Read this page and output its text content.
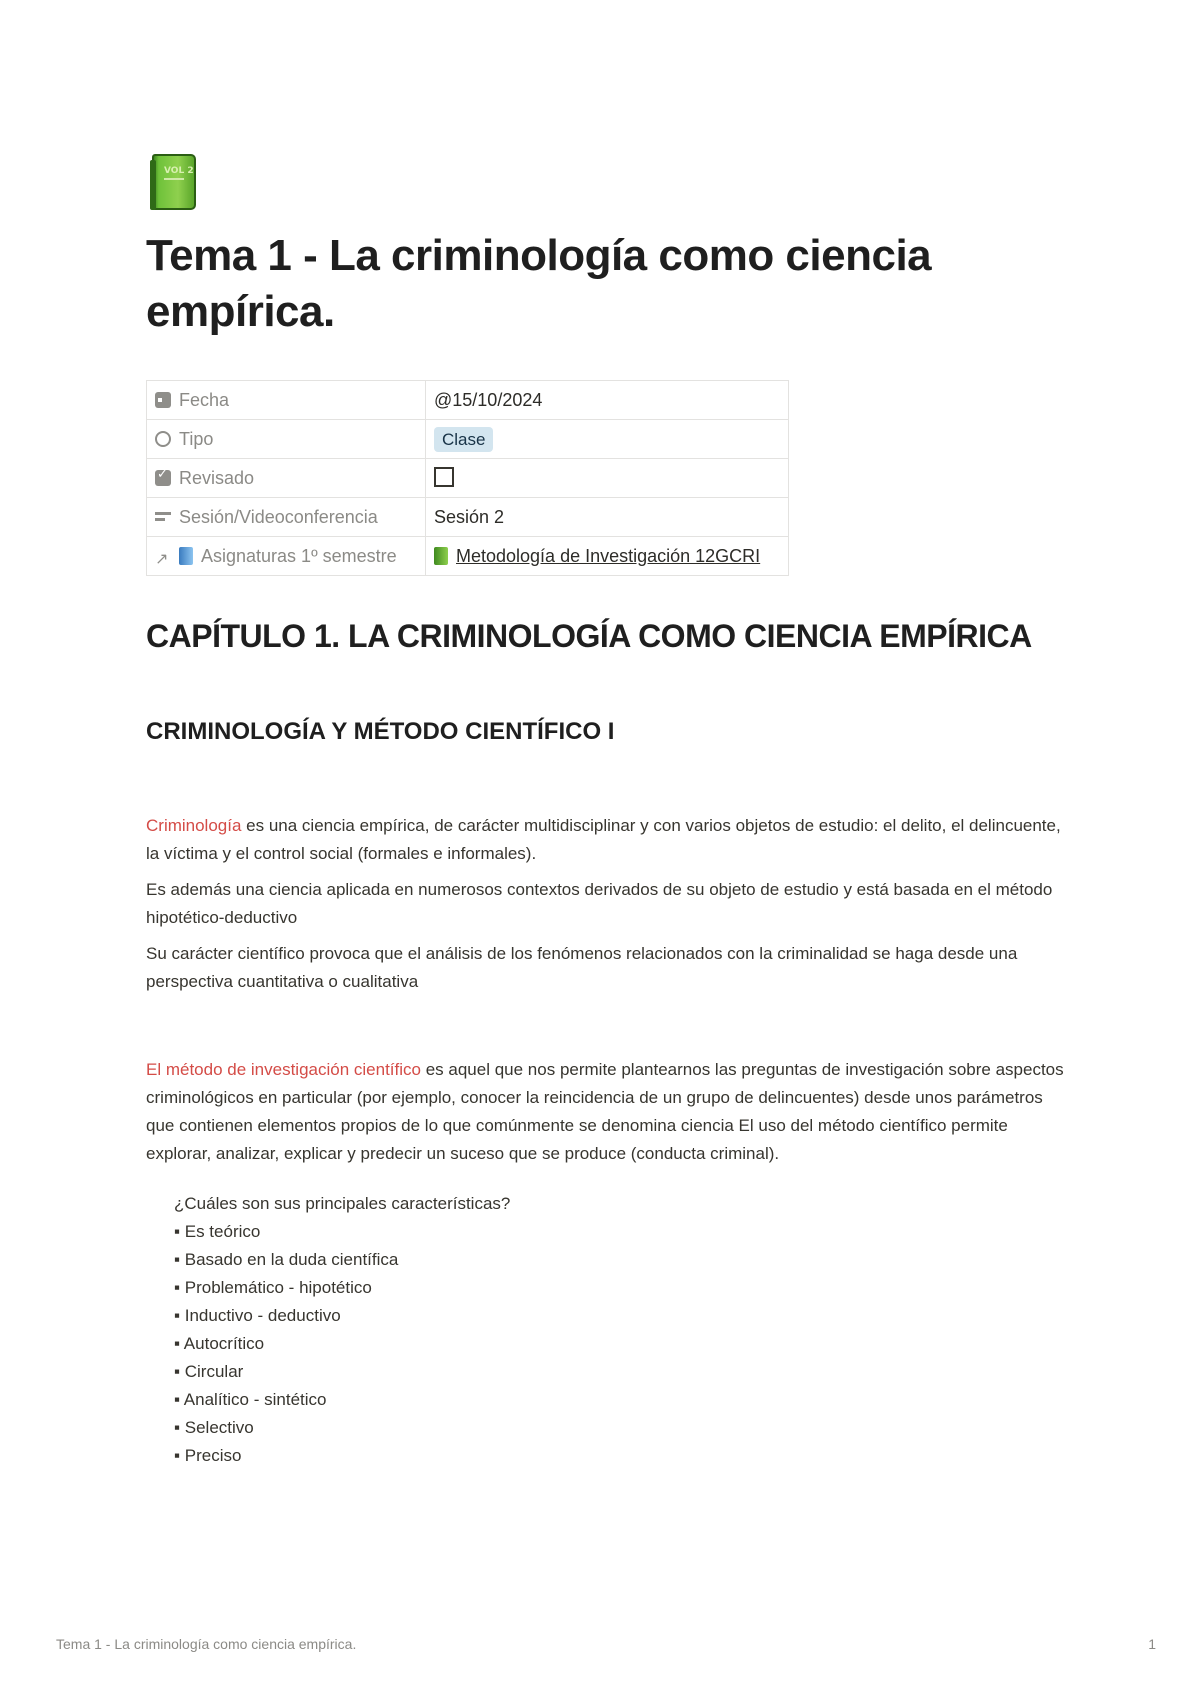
VOL 2
Tema 1 - La criminología como ciencia empírica.
Fecha	@15/10/2024
Tipo	Clase
✓Revisado	
Sesión/Videoconferencia	Sesión 2
↗ Asignaturas 1º semestre	Metodología de Investigación 12GCRI
CAPÍTULO 1. LA CRIMINOLOGÍA COMO CIENCIA EMPÍRICA
CRIMINOLOGÍA Y MÉTODO CIENTÍFICO I

Criminología es una ciencia empírica, de carácter multidisciplinar y con varios objetos de estudio: el delito, el delincuente, la víctima y el control social (formales e informales).

Es además una ciencia aplicada en numerosos contextos derivados de su objeto de estudio y está basada en el método hipotético-deductivo

Su carácter científico provoca que el análisis de los fenómenos relacionados con la criminalidad se haga desde una perspectiva cuantitativa o cualitativa

El método de investigación científico es aquel que nos permite plantearnos las preguntas de investigación sobre aspectos criminológicos en particular (por ejemplo, conocer la reincidencia de un grupo de delincuentes) desde unos parámetros que contienen elementos propios de lo que comúnmente se denomina ciencia El uso del método científico permite explorar, analizar, explicar y predecir un suceso que se produce (conducta criminal).

¿Cuáles son sus principales características?
▪ Es teórico
▪ Basado en la duda científica
▪ Problemático - hipotético
▪ Inductivo - deductivo
▪ Autocrítico
▪ Circular
▪ Analítico - sintético
▪ Selectivo
▪ Preciso
Tema 1 - La criminología como ciencia empírica.	1
